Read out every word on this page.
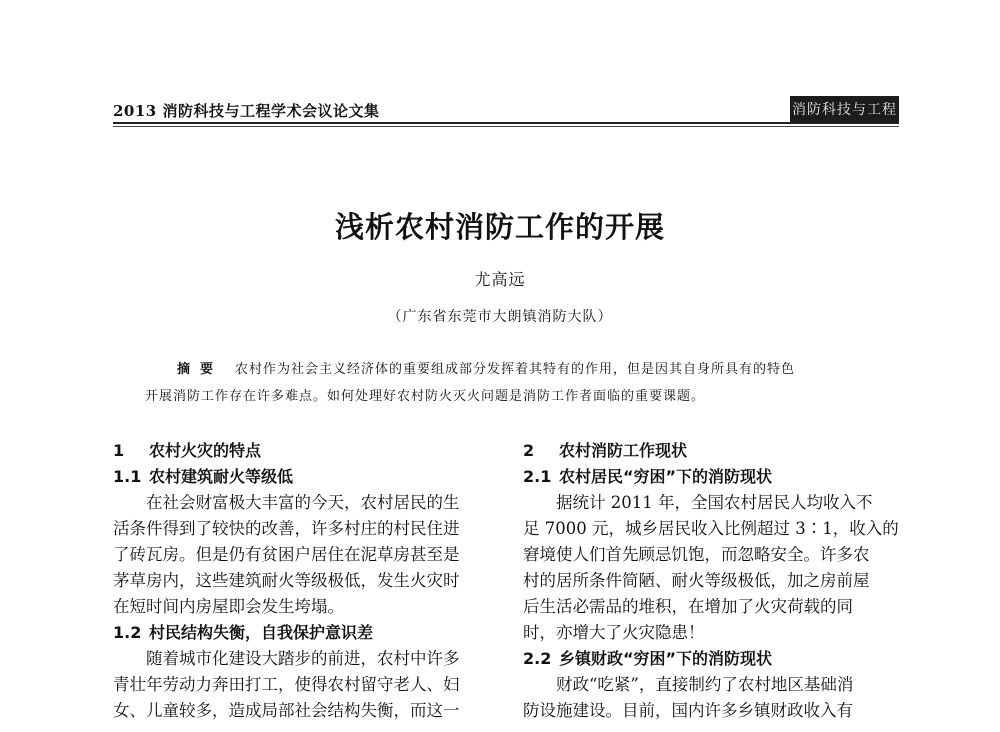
2013 消防科技与工程学术会议论文集	消防科技与工程
浅析农村消防工作的开展
尤高远
（广东省东莞市大朗镇消防大队）
摘要 农村作为社会主义经济体的重要组成部分发挥着其特有的作用，但是因其自身所具有的特色
开展消防工作存在许多难点。如何处理好农村防火灭火问题是消防工作者面临的重要课题。
1 农村火灾的特点
1.1 农村建筑耐火等级低
在社会财富极大丰富的今天，农村居民的生
活条件得到了较快的改善，许多村庄的村民住进
了砖瓦房。但是仍有贫困户居住在泥草房甚至是
茅草房内，这些建筑耐火等级极低，发生火灾时
在短时间内房屋即会发生垮塌。
1.2 村民结构失衡，自我保护意识差
随着城市化建设大踏步的前进，农村中许多
青壮年劳动力奔田打工，使得农村留守老人、妇
女、儿童较多，造成局部社会结构失衡，而这一
2 农村消防工作现状
2.1 农村居民“穷困”下的消防现状
据统计 2011 年，全国农村居民人均收入不
足 7000 元，城乡居民收入比例超过 3∶1，收入的
窘境使人们首先顾忌饥饱，而忽略安全。许多农
村的居所条件简陋、耐火等级极低，加之房前屋
后生活必需品的堆积，在增加了火灾荷载的同
时，亦增大了火灾隐患！
2.2 乡镇财政“穷困”下的消防现状
财政“吃紧”，直接制约了农村地区基础消
防设施建设。目前，国内许多乡镇财政收入有
